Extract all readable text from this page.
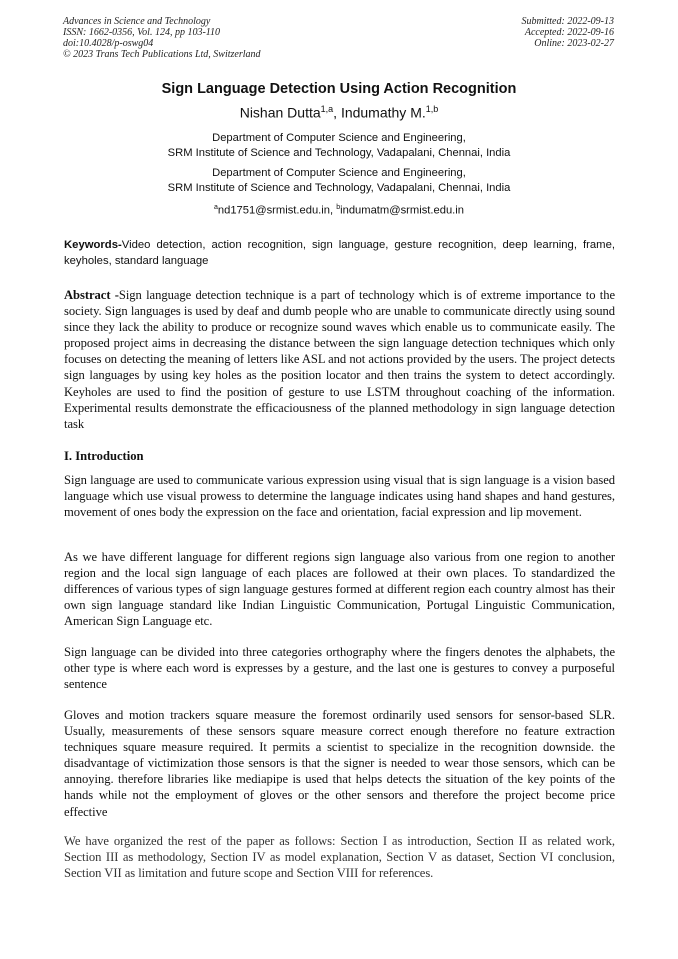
Advances in Science and Technology
ISSN: 1662-0356, Vol. 124, pp 103-110
doi:10.4028/p-oswg04
© 2023 Trans Tech Publications Ltd, Switzerland
Submitted: 2022-09-13
Accepted: 2022-09-16
Online: 2023-02-27
Sign Language Detection Using Action Recognition
Nishan Dutta$^{1,a}$, Indumathy M.$^{1,b}$
Department of Computer Science and Engineering,
SRM Institute of Science and Technology, Vadapalani, Chennai, India
Department of Computer Science and Engineering,
SRM Institute of Science and Technology, Vadapalani, Chennai, India
$^a$nd1751@srmist.edu.in, $^b$indumatm@srmist.edu.in
Keywords-Video detection, action recognition, sign language, gesture recognition, deep learning, frame, keyholes, standard language
Abstract -Sign language detection technique is a part of technology which is of extreme importance to the society. Sign languages is used by deaf and dumb people who are unable to communicate directly using sound since they lack the ability to produce or recognize sound waves which enable us to communicate easily. The proposed project aims in decreasing the distance between the sign language detection techniques which only focuses on detecting the meaning of letters like ASL and not actions provided by the users. The project detects sign languages by using key holes as the position locator and then trains the system to detect accordingly. Keyholes are used to find the position of gesture to use LSTM throughout coaching of the information. Experimental results demonstrate the efficaciousness of the planned methodology in sign language detection task
I. Introduction
Sign language are used to communicate various expression using visual that is sign language is a vision based language which use visual prowess to determine the language indicates using hand shapes and hand gestures, movement of ones body the expression on the face and orientation, facial expression and lip movement.
As we have different language for different regions sign language also various from one region to another region and the local sign language of each places are followed at their own places. To standardized the differences of various types of sign language gestures formed at different region each country almost has their own sign language standard like Indian Linguistic Communication, Portugal Linguistic Communication, American Sign Language etc.
Sign language can be divided into three categories orthography where the fingers denotes the alphabets, the other type is where each word is expresses by a gesture, and the last one is gestures to convey a purposeful sentence
Gloves and motion trackers square measure the foremost ordinarily used sensors for sensor-based SLR. Usually, measurements of these sensors square measure correct enough therefore no feature extraction techniques square measure required. It permits a scientist to specialize in the recognition downside. the disadvantage of victimization those sensors is that the signer is needed to wear those sensors, which can be annoying. therefore libraries like mediapipe is used that helps detects the situation of the key points of the hands while not the employment of gloves or the other sensors and therefore the project become price effective
We have organized the rest of the paper as follows: Section I as introduction, Section II as related work, Section III as methodology, Section IV as model explanation, Section V as dataset, Section VI conclusion, Section VII as limitation and future scope and Section VIII for references.
